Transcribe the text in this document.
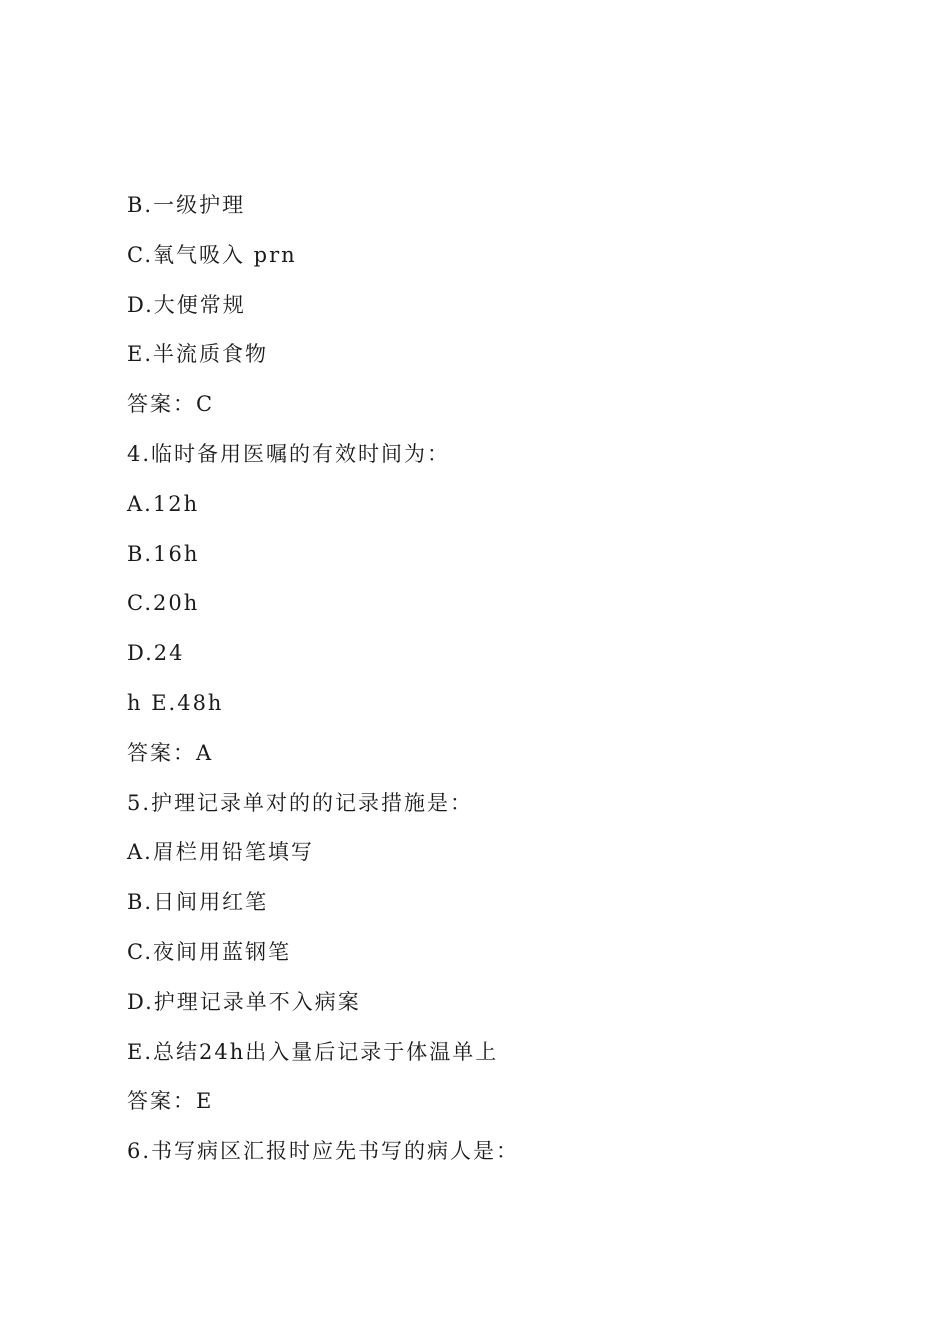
B.一级护理
C.氧气吸入 prn
D.大便常规
E.半流质食物
答案：C
4.临时备用医嘱的有效时间为：
A.12h
B.16h
C.20h
D.24
h E.48h
答案：A
5.护理记录单对的的记录措施是：
A.眉栏用铅笔填写
B.日间用红笔
C.夜间用蓝钢笔
D.护理记录单不入病案
E.总结24h出入量后记录于体温单上
答案：E
6.书写病区汇报时应先书写的病人是：
